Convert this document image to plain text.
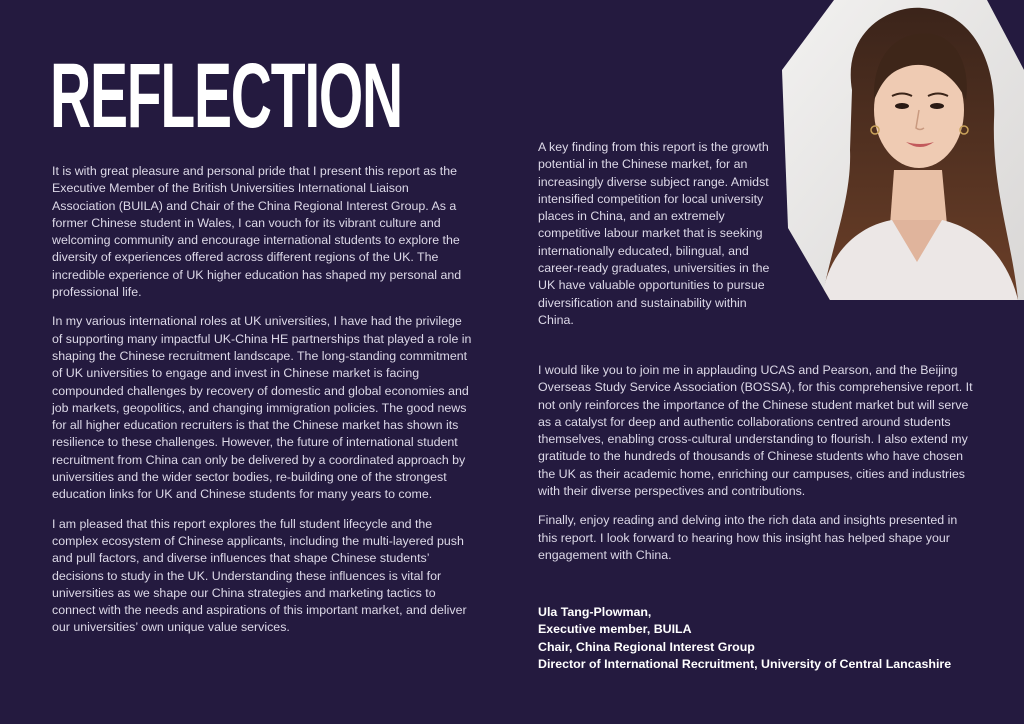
REFLECTION

It is with great pleasure and personal pride that I present this report as the Executive Member of the British Universities International Liaison Association (BUILA) and Chair of the China Regional Interest Group. As a former Chinese student in Wales, I can vouch for its vibrant culture and welcoming community and encourage international students to explore the diversity of experiences offered across different regions of the UK. The incredible experience of UK higher education has shaped my personal and professional life.

In my various international roles at UK universities, I have had the privilege of supporting many impactful UK-China HE partnerships that played a role in shaping the Chinese recruitment landscape. The long-standing commitment of UK universities to engage and invest in Chinese market is facing compounded challenges by recovery of domestic and global economies and job markets, geopolitics, and changing immigration policies. The good news for all higher education recruiters is that the Chinese market has shown its resilience to these challenges. However, the future of international student recruitment from China can only be delivered by a coordinated approach by universities and the wider sector bodies, re-building one of the strongest education links for UK and Chinese students for many years to come.

I am pleased that this report explores the full student lifecycle and the complex ecosystem of Chinese applicants, including the multi-layered push and pull factors, and diverse influences that shape Chinese students’ decisions to study in the UK. Understanding these influences is vital for universities as we shape our China strategies and marketing tactics to connect with the needs and aspirations of this important market, and deliver our universities’ own unique value services.

A key finding from this report is the growth potential in the Chinese market, for an increasingly diverse subject range. Amidst intensified competition for local university places in China, and an extremely competitive labour market that is seeking internationally educated, bilingual, and career-ready graduates, universities in the UK have valuable opportunities to pursue diversification and sustainability within China.

I would like you to join me in applauding UCAS and Pearson, and the Beijing Overseas Study Service Association (BOSSA), for this comprehensive report. It not only reinforces the importance of the Chinese student market but will serve as a catalyst for deep and authentic collaborations centred around students themselves, enabling cross-cultural understanding to flourish. I also extend my gratitude to the hundreds of thousands of Chinese students who have chosen the UK as their academic home, enriching our campuses, cities and industries with their diverse perspectives and contributions.

Finally, enjoy reading and delving into the rich data and insights presented in this report. I look forward to hearing how this insight has helped shape your engagement with China.

Ula Tang-Plowman,
Executive member, BUILA
Chair, China Regional Interest Group
Director of International Recruitment, University of Central Lancashire
